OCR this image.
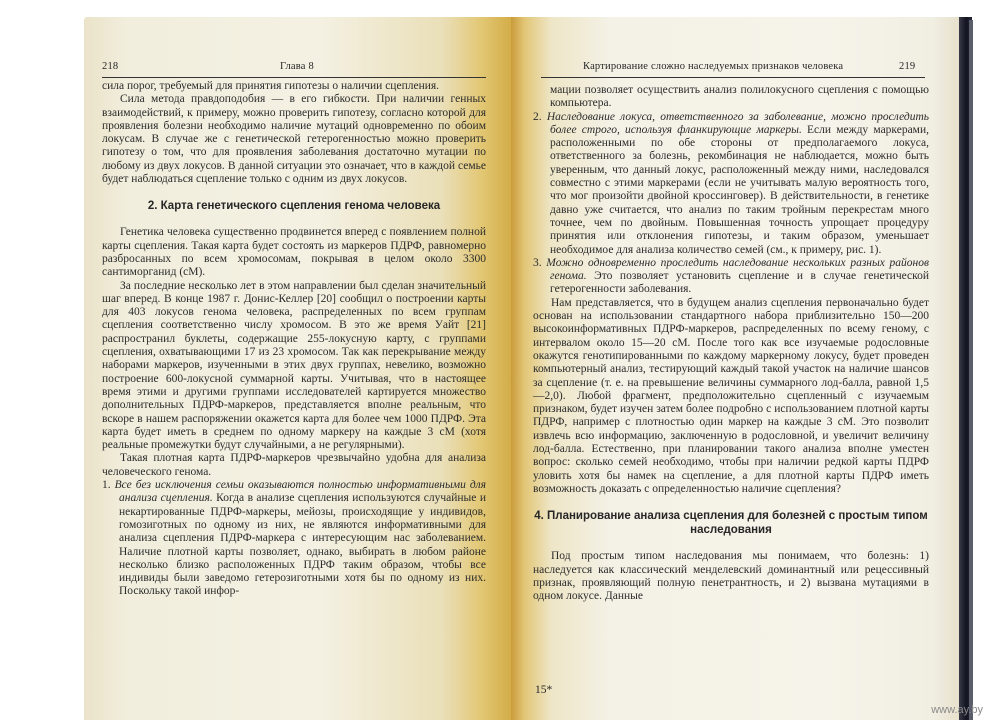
218	Глава 8

сила порог, требуемый для принятия гипотезы о наличии сцепления.

Сила метода правдоподобия — в его гибкости. При наличии генных взаимодействий, к примеру, можно проверить гипотезу, согласно которой для проявления болезни необходимо наличие мутаций одновременно по обоим локусам. В случае же с генетической гетерогенностью можно проверить гипотезу о том, что для проявления заболевания достаточно мутации по любому из двух локусов. В данной ситуации это означает, что в каждой семье будет наблюдаться сцепление только с одним из двух локусов.

2. Карта генетического сцепления генома человека

Генетика человека существенно продвинется вперед с появлением полной карты сцепления. Такая карта будет состоять из маркеров ПДРФ, равномерно разбросанных по всем хромосомам, покрывая в целом около 3300 сантиморганид (сМ).

За последние несколько лет в этом направлении был сделан значительный шаг вперед. В конце 1987 г. Донис-Келлер [20] сообщил о построении карты для 403 локусов генома человека, распределенных по всем группам сцепления соответственно числу хромосом. В это же время Уайт [21] распространил буклеты, содержащие 255-локусную карту, с группами сцепления, охватывающими 17 из 23 хромосом. Так как перекрывание между наборами маркеров, изученными в этих двух группах, невелико, возможно построение 600-локусной суммарной карты. Учитывая, что в настоящее время этими и другими группами исследователей картируется множество дополнительных ПДРФ-маркеров, представляется вполне реальным, что вскоре в нашем распоряжении окажется карта для более чем 1000 ПДРФ. Эта карта будет иметь в среднем по одному маркеру на каждые 3 сМ (хотя реальные промежутки будут случайными, а не регулярными).

Такая плотная карта ПДРФ-маркеров чрезвычайно удобна для анализа человеческого генома.

1. Все без исключения семьи оказываются полностью информативными для анализа сцепления. Когда в анализе сцепления используются случайные и некартированные ПДРФ-маркеры, мейозы, происходящие у индивидов, гомозиготных по одному из них, не являются информативными для анализа сцепления ПДРФ-маркера с интересующим нас заболеванием. Наличие плотной карты позволяет, однако, выбирать в любом районе несколько близко расположенных ПДРФ таким образом, чтобы все индивиды были заведомо гетерозиготными хотя бы по одному из них. Поскольку такой инфор-

Картирование сложно наследуемых признаков человека	219

мации позволяет осуществить анализ полилокусного сцепления с помощью компьютера.

2. Наследование локуса, ответственного за заболевание, можно проследить более строго, используя фланкирующие маркеры. Если между маркерами, расположенными по обе стороны от предполагаемого локуса, ответственного за болезнь, рекомбинация не наблюдается, можно быть уверенным, что данный локус, расположенный между ними, наследовался совместно с этими маркерами (если не учитывать малую вероятность того, что мог произойти двойной кроссинговер). В действительности, в генетике давно уже считается, что анализ по таким тройным перекрестам много точнее, чем по двойным. Повышенная точность упрощает процедуру принятия или отклонения гипотезы, и таким образом, уменьшает необходимое для анализа количество семей (см., к примеру, рис. 1).

3. Можно одновременно проследить наследование нескольких разных районов генома. Это позволяет установить сцепление и в случае генетической гетерогенности заболевания.

Нам представляется, что в будущем анализ сцепления первоначально будет основан на использовании стандартного набора приблизительно 150—200 высокоинформативных ПДРФ-маркеров, распределенных по всему геному, с интервалом около 15—20 сМ. После того как все изучаемые родословные окажутся генотипированными по каждому маркерному локусу, будет проведен компьютерный анализ, тестирующий каждый такой участок на наличие шансов за сцепление (т. е. на превышение величины суммарного лод-балла, равной 1,5—2,0). Любой фрагмент, предположительно сцепленный с изучаемым признаком, будет изучен затем более подробно с использованием плотной карты ПДРФ, например с плотностью один маркер на каждые 3 сМ. Это позволит извлечь всю информацию, заключенную в родословной, и увеличит величину лод-балла. Естественно, при планировании такого анализа вполне уместен вопрос: сколько семей необходимо, чтобы при наличии редкой карты ПДРФ уловить хотя бы намек на сцепление, а для плотной карты ПДРФ иметь возможность доказать с определенностью наличие сцепления?

4. Планирование анализа сцепления для болезней с простым типом наследования

Под простым типом наследования мы понимаем, что болезнь: 1) наследуется как классический менделевский доминантный или рецессивный признак, проявляющий полную пенетрантность, и 2) вызвана мутациями в одном локусе. Данные

15*
www.ay.by
